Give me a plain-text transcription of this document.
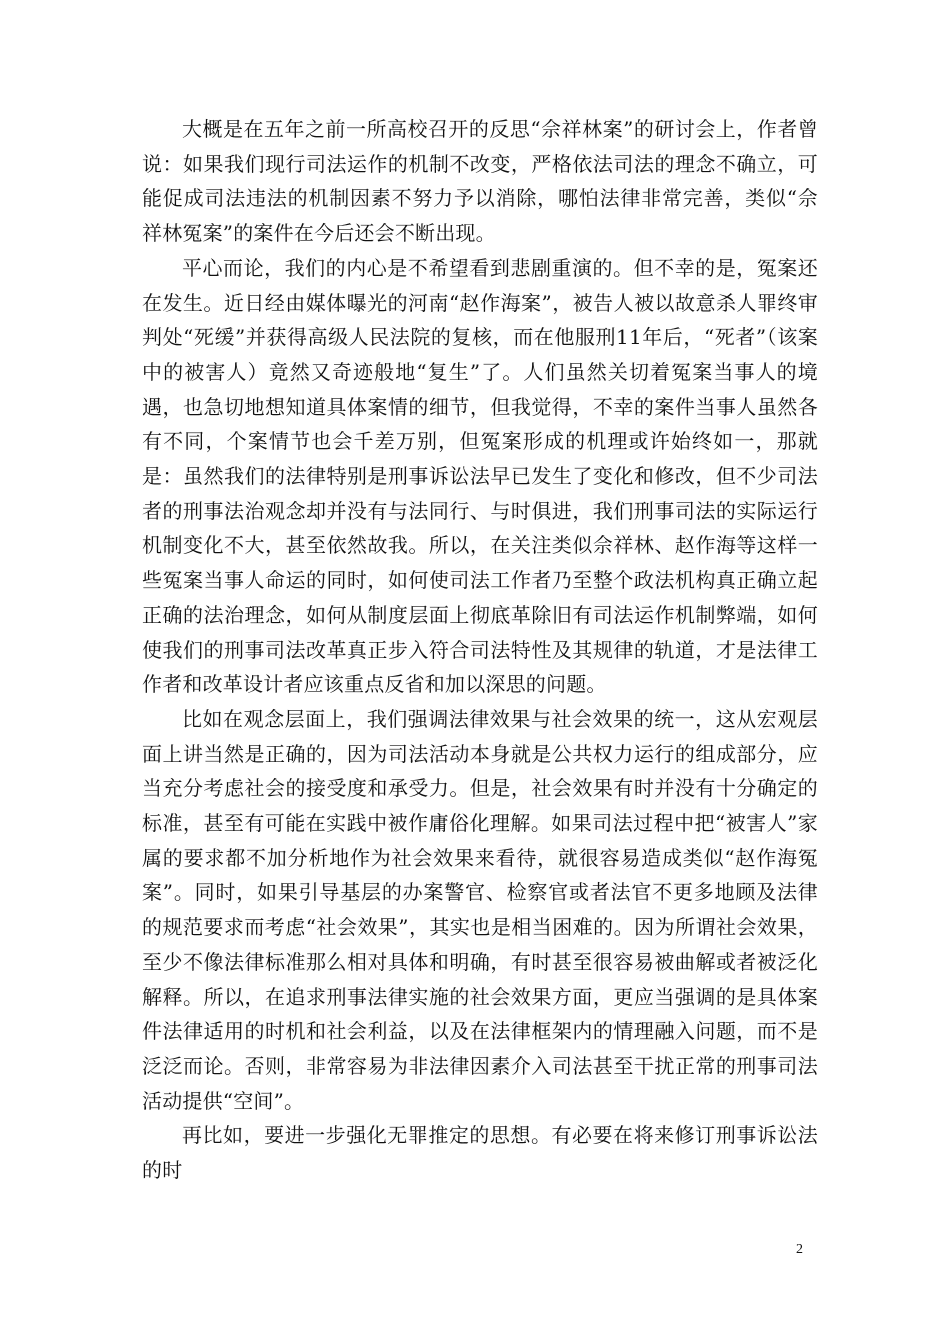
大概是在五年之前一所高校召开的反思“佘祥林案”的研讨会上，作者曾说：如果我们现行司法运作的机制不改变，严格依法司法的理念不确立，可能促成司法违法的机制因素不努力予以消除，哪怕法律非常完善，类似“佘祥林冤案”的案件在今后还会不断出现。

平心而论，我们的内心是不希望看到悲剧重演的。但不幸的是，冤案还在发生。近日经由媒体曝光的河南“赵作海案”，被告人被以故意杀人罪终审判处“死缓”并获得高级人民法院的复核，而在他服刑11年后，“死者”（该案中的被害人）竟然又奇迹般地“复生”了。人们虽然关切着冤案当事人的境遇，也急切地想知道具体案情的细节，但我觉得，不幸的案件当事人虽然各有不同，个案情节也会千差万别，但冤案形成的机理或许始终如一，那就是：虽然我们的法律特别是刑事诉讼法早已发生了变化和修改，但不少司法者的刑事法治观念却并没有与法同行、与时俱进，我们刑事司法的实际运行机制变化不大，甚至依然故我。所以，在关注类似佘祥林、赵作海等这样一些冤案当事人命运的同时，如何使司法工作者乃至整个政法机构真正确立起正确的法治理念，如何从制度层面上彻底革除旧有司法运作机制弊端，如何使我们的刑事司法改革真正步入符合司法特性及其规律的轨道，才是法律工作者和改革设计者应该重点反省和加以深思的问题。

比如在观念层面上，我们强调法律效果与社会效果的统一，这从宏观层面上讲当然是正确的，因为司法活动本身就是公共权力运行的组成部分，应当充分考虑社会的接受度和承受力。但是，社会效果有时并没有十分确定的标准，甚至有可能在实践中被作庸俗化理解。如果司法过程中把“被害人”家属的要求都不加分析地作为社会效果来看待，就很容易造成类似“赵作海冤案”。同时，如果引导基层的办案警官、检察官或者法官不更多地顾及法律的规范要求而考虑“社会效果”，其实也是相当困难的。因为所谓社会效果，至少不像法律标准那么相对具体和明确，有时甚至很容易被曲解或者被泛化解释。所以，在追求刑事法律实施的社会效果方面，更应当强调的是具体案件法律适用的时机和社会利益，以及在法律框架内的情理融入问题，而不是泛泛而论。否则，非常容易为非法律因素介入司法甚至干扰正常的刑事司法活动提供“空间”。

再比如，要进一步强化无罪推定的思想。有必要在将来修订刑事诉讼法的时

2
